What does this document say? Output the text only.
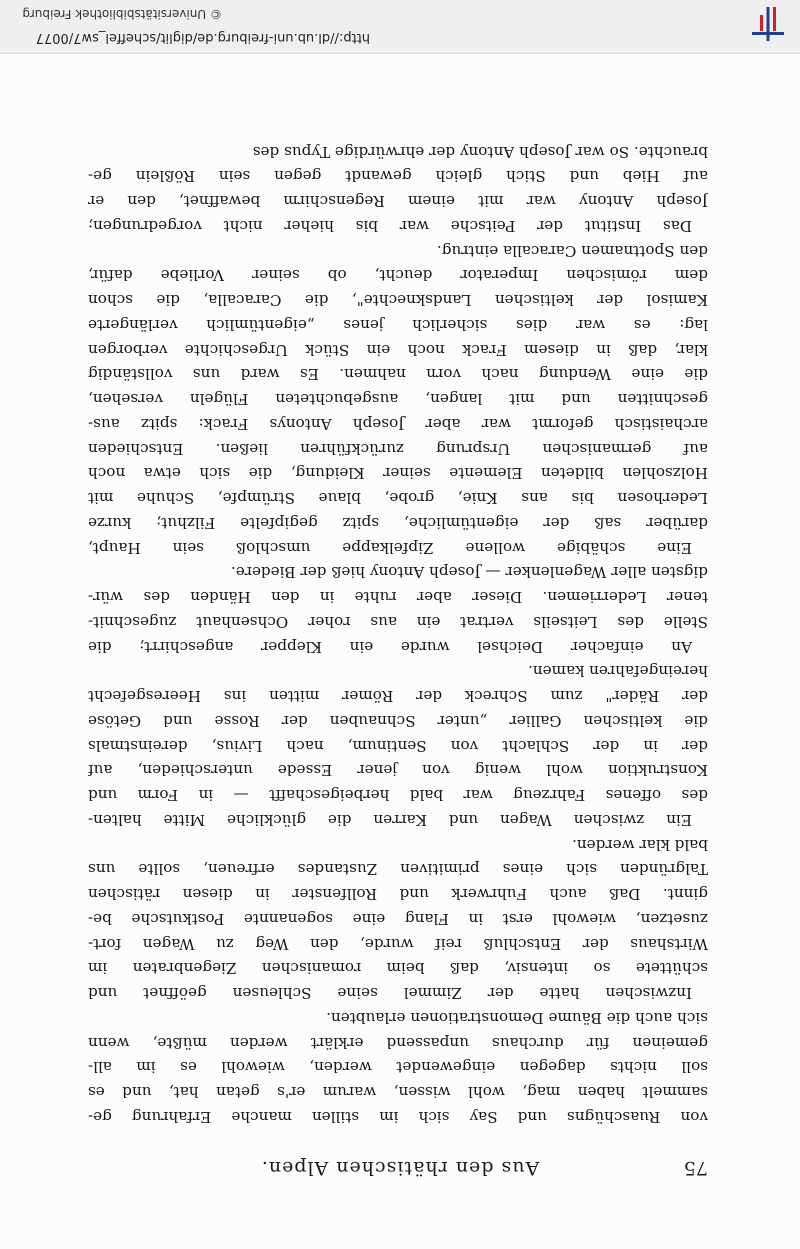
75
Aus den rhätischen Alpen.
von Ruaschügns und Say sich im stillen manche Erfahrung ge-
sammelt haben mag, wohl wissen, warum er's getan hat, und es
soll nichts dagegen eingewendet werden, wiewohl es im all-
gemeinen für durchaus unpassend erklärt werden müßte, wenn
sich auch die Bäume Demonstrationen erlaubten.
Inzwischen hatte der Zimmel seine Schleusen geöffnet und
schüttete so intensiv, daß beim romanischen Ziegenbraten im
Wirtshaus der Entschluß reif wurde, den Weg zu Wagen fort-
zusetzen, wiewohl erst in Flang eine sogenannte Postkutsche be-
ginnt. Daß auch Fuhrwerk und Rollfenster in diesen rätischen
Talgründen sich eines primitiven Zustandes erfreuen, sollte uns
bald klar werden.
Ein zwischen Wagen und Karren die glückliche Mitte halten-
des offenes Fahrzeug war bald herbeigeschafft — in Form und
Konstruktion wohl wenig von jener Essede unterschieden, auf
der in der Schlacht von Sentinum, nach Livius, dereinstmals
die keltischen Gallier „unter Schnauben der Rosse und Getöse
der Räder" zum Schreck der Römer mitten ins Heeresgefecht
hereingefahren kamen.
An einfacher Deichsel wurde ein Klepper angeschirrt; die
Stelle des Leitseils vertrat ein aus roher Ochsenhaut zugeschnit-
tener Lederriemen. Dieser aber ruhte in den Händen des wür-
digsten aller Wagenlenker — Joseph Antony hieß der Biedere.
Eine schäbige wollene Zipfelkappe umschloß sein Haupt,
darüber saß der eigentümliche, spitz gegipfelte Filzhut; kurze
Lederhosen bis ans Knie, grobe, blaue Strümpfe, Schuhe mit
Holzsohlen bildeten Elemente seiner Kleidung, die sich etwa noch
auf germanischen Ursprung zurückführen ließen. Entschieden
archaistisch geformt war aber Joseph Antonys Frack: spitz aus-
geschnitten und mit langen, ausgebuchteten Flügeln versehen,
die eine Wendung nach vorn nahmen. Es ward uns vollständig
klar, daß in diesem Frack noch ein Stück Urgeschichte verborgen
lag: es war dies sicherlich jenes „eigentümlich verlängerte
Kamisol der keltischen Landsknechte", die Caracalla, die schon
dem römischen Imperator deucht, ob seiner Vorliebe dafür,
den Spottnamen Caracalla eintrug.
Das Institut der Peitsche war bis hieher nicht vorgedrungen;
Joseph Antony war mit einem Regenschirm bewaffnet, den er
auf Hieb und Stich gleich gewandt gegen sein Rößlein ge-
brauchte. So war Joseph Antony der ehrwürdige Typus des
http://dl.ub.uni-freiburg.de/diglit/scheffel_sw7/0077
© Universitätsbibliothek Freiburg
